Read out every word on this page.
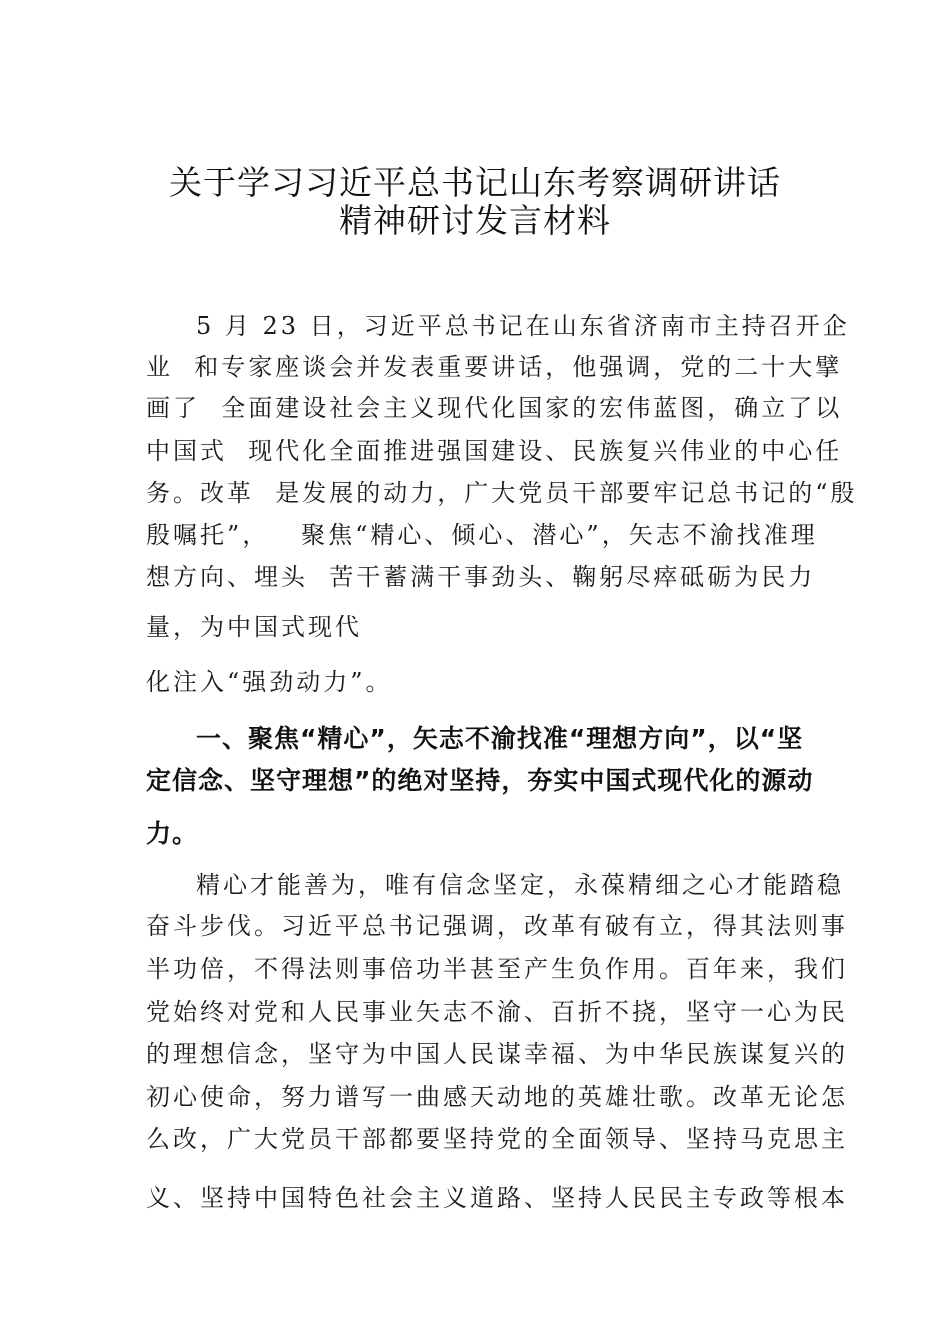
关于学习习近平总书记山东考察调研讲话
精神研讨发言材料
5 月 23 日，习近平总书记在山东省济南市主持召开企
业  和专家座谈会并发表重要讲话，他强调，党的二十大擘
画了  全面建设社会主义现代化国家的宏伟蓝图，确立了以
中国式  现代化全面推进强国建设、民族复兴伟业的中心任
务。改革  是发展的动力，广大党员干部要牢记总书记的“殷
殷嘱托”，   聚焦“精心、倾心、潜心”，矢志不渝找准理
想方向、埋头  苦干蓄满干事劲头、鞠躬尽瘁砥砺为民力
量，为中国式现代
化注入“强劲动力”。
一、聚焦“精心”，矢志不渝找准“理想方向”，以“坚
定信念、坚守理想”的绝对坚持，夯实中国式现代化的源动
力。
精心才能善为，唯有信念坚定，永葆精细之心才能踏稳
奋斗步伐。习近平总书记强调，改革有破有立，得其法则事
半功倍，不得法则事倍功半甚至产生负作用。百年来，我们
党始终对党和人民事业矢志不渝、百折不挠，坚守一心为民
的理想信念，坚守为中国人民谋幸福、为中华民族谋复兴的
初心使命，努力谱写一曲感天动地的英雄壮歌。改革无论怎
么改，广大党员干部都要坚持党的全面领导、坚持马克思主
义、坚持中国特色社会主义道路、坚持人民民主专政等根本
